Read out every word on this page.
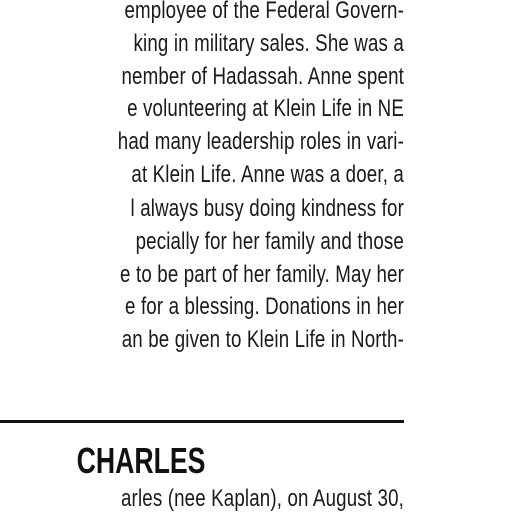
employee of the Federal Govern-

king in military sales. She was a

nember of Hadassah. Anne spent

e volunteering at Klein Life in NE

had many leadership roles in vari-

at Klein Life. Anne was a doer, a

l always busy doing kindness for

pecially for her family and those

e to be part of her family. May her

e for a blessing. Donations in her

an be given to Klein Life in North-

CHARLES

arles (nee Kaplan), on August 30,
